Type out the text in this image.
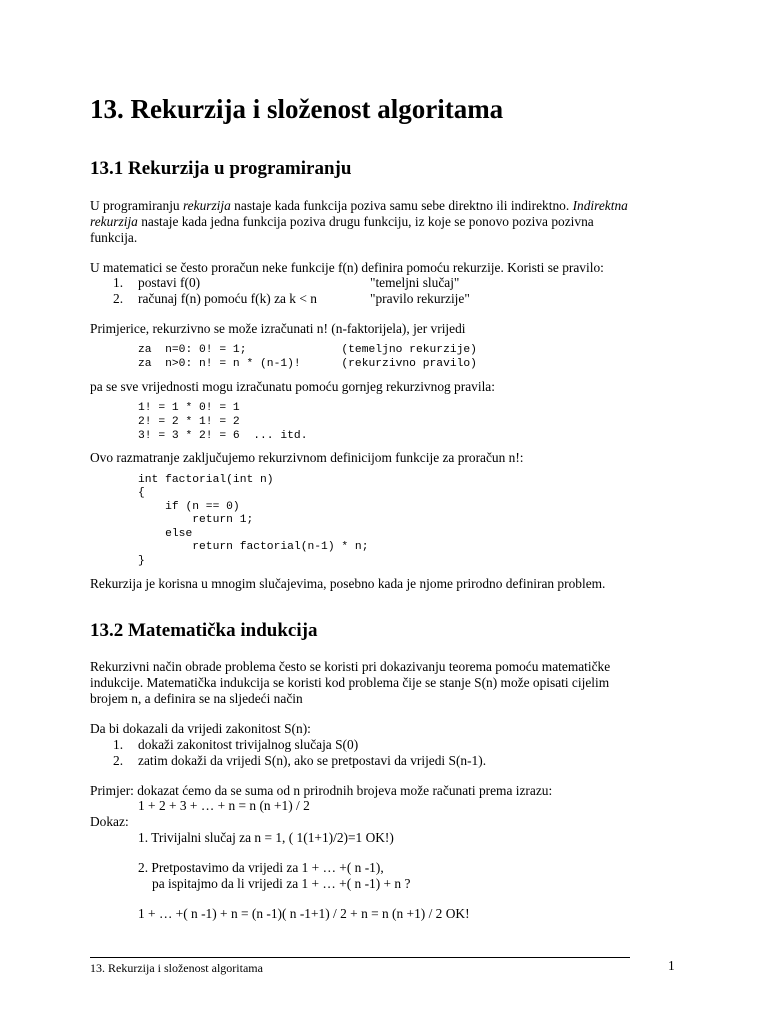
13. Rekurzija i složenost algoritama
13.1 Rekurzija u programiranju
U programiranju rekurzija nastaje kada funkcija poziva samu sebe direktno ili indirektno. Indirektna
rekurzija nastaje kada jedna funkcija poziva drugu funkciju, iz koje se ponovo poziva pozivna
funkcija.
U matematici se često proračun neke funkcije f(n) definira pomoću rekurzije. Koristi se pravilo:
1. postavi f(0)	"temeljni slučaj"
2. računaj f(n) pomoću f(k) za k < n	"pravilo rekurzije"
Primjerice, rekurzivno se može izračunati n! (n-faktorijela), jer vrijedi
za  n=0: 0! = 1;              (temeljno rekurzije)
za  n>0: n! = n * (n-1)!      (rekurzivno pravilo)
pa se sve vrijednosti mogu izračunatu pomoću gornjeg rekurzivnog pravila:
1! = 1 * 0! = 1
2! = 2 * 1! = 2
3! = 3 * 2! = 6  ... itd.
Ovo razmatranje zaključujemo rekurzivnom definicijom funkcije za proračun n!:
int factorial(int n)
{
if (n == 0)
return 1;
else
return factorial(n-1) * n;
}
Rekurzija je korisna u mnogim slučajevima, posebno kada je njome prirodno definiran problem.
13.2 Matematička indukcija
Rekurzivni način obrade problema često se koristi pri dokazivanju teorema pomoću matematičke
indukcije. Matematička indukcija se koristi kod problema čije se stanje S(n) može opisati cijelim
brojem n, a definira se na sljedeći način
Da bi dokazali da vrijedi zakonitost S(n):
1. dokaži zakonitost trivijalnog slučaja S(0)
2. zatim dokaži da vrijedi S(n), ako se pretpostavi da vrijedi S(n-1).
Primjer: dokazat ćemo da se suma od n prirodnih brojeva može računati prema izrazu:
1 + 2 + 3 + … + n = n (n +1) / 2
Dokaz:
1. Trivijalni slučaj za n = 1, ( 1(1+1)/2)=1 OK!)
2. Pretpostavimo da vrijedi za 1 + … +( n -1),
pa ispitajmo da li vrijedi za 1 + … +( n -1) + n ?
1 + … +( n -1) + n = (n -1)( n -1+1) / 2 + n = n (n +1) / 2 OK!
13. Rekurzija i složenost algoritama	1
